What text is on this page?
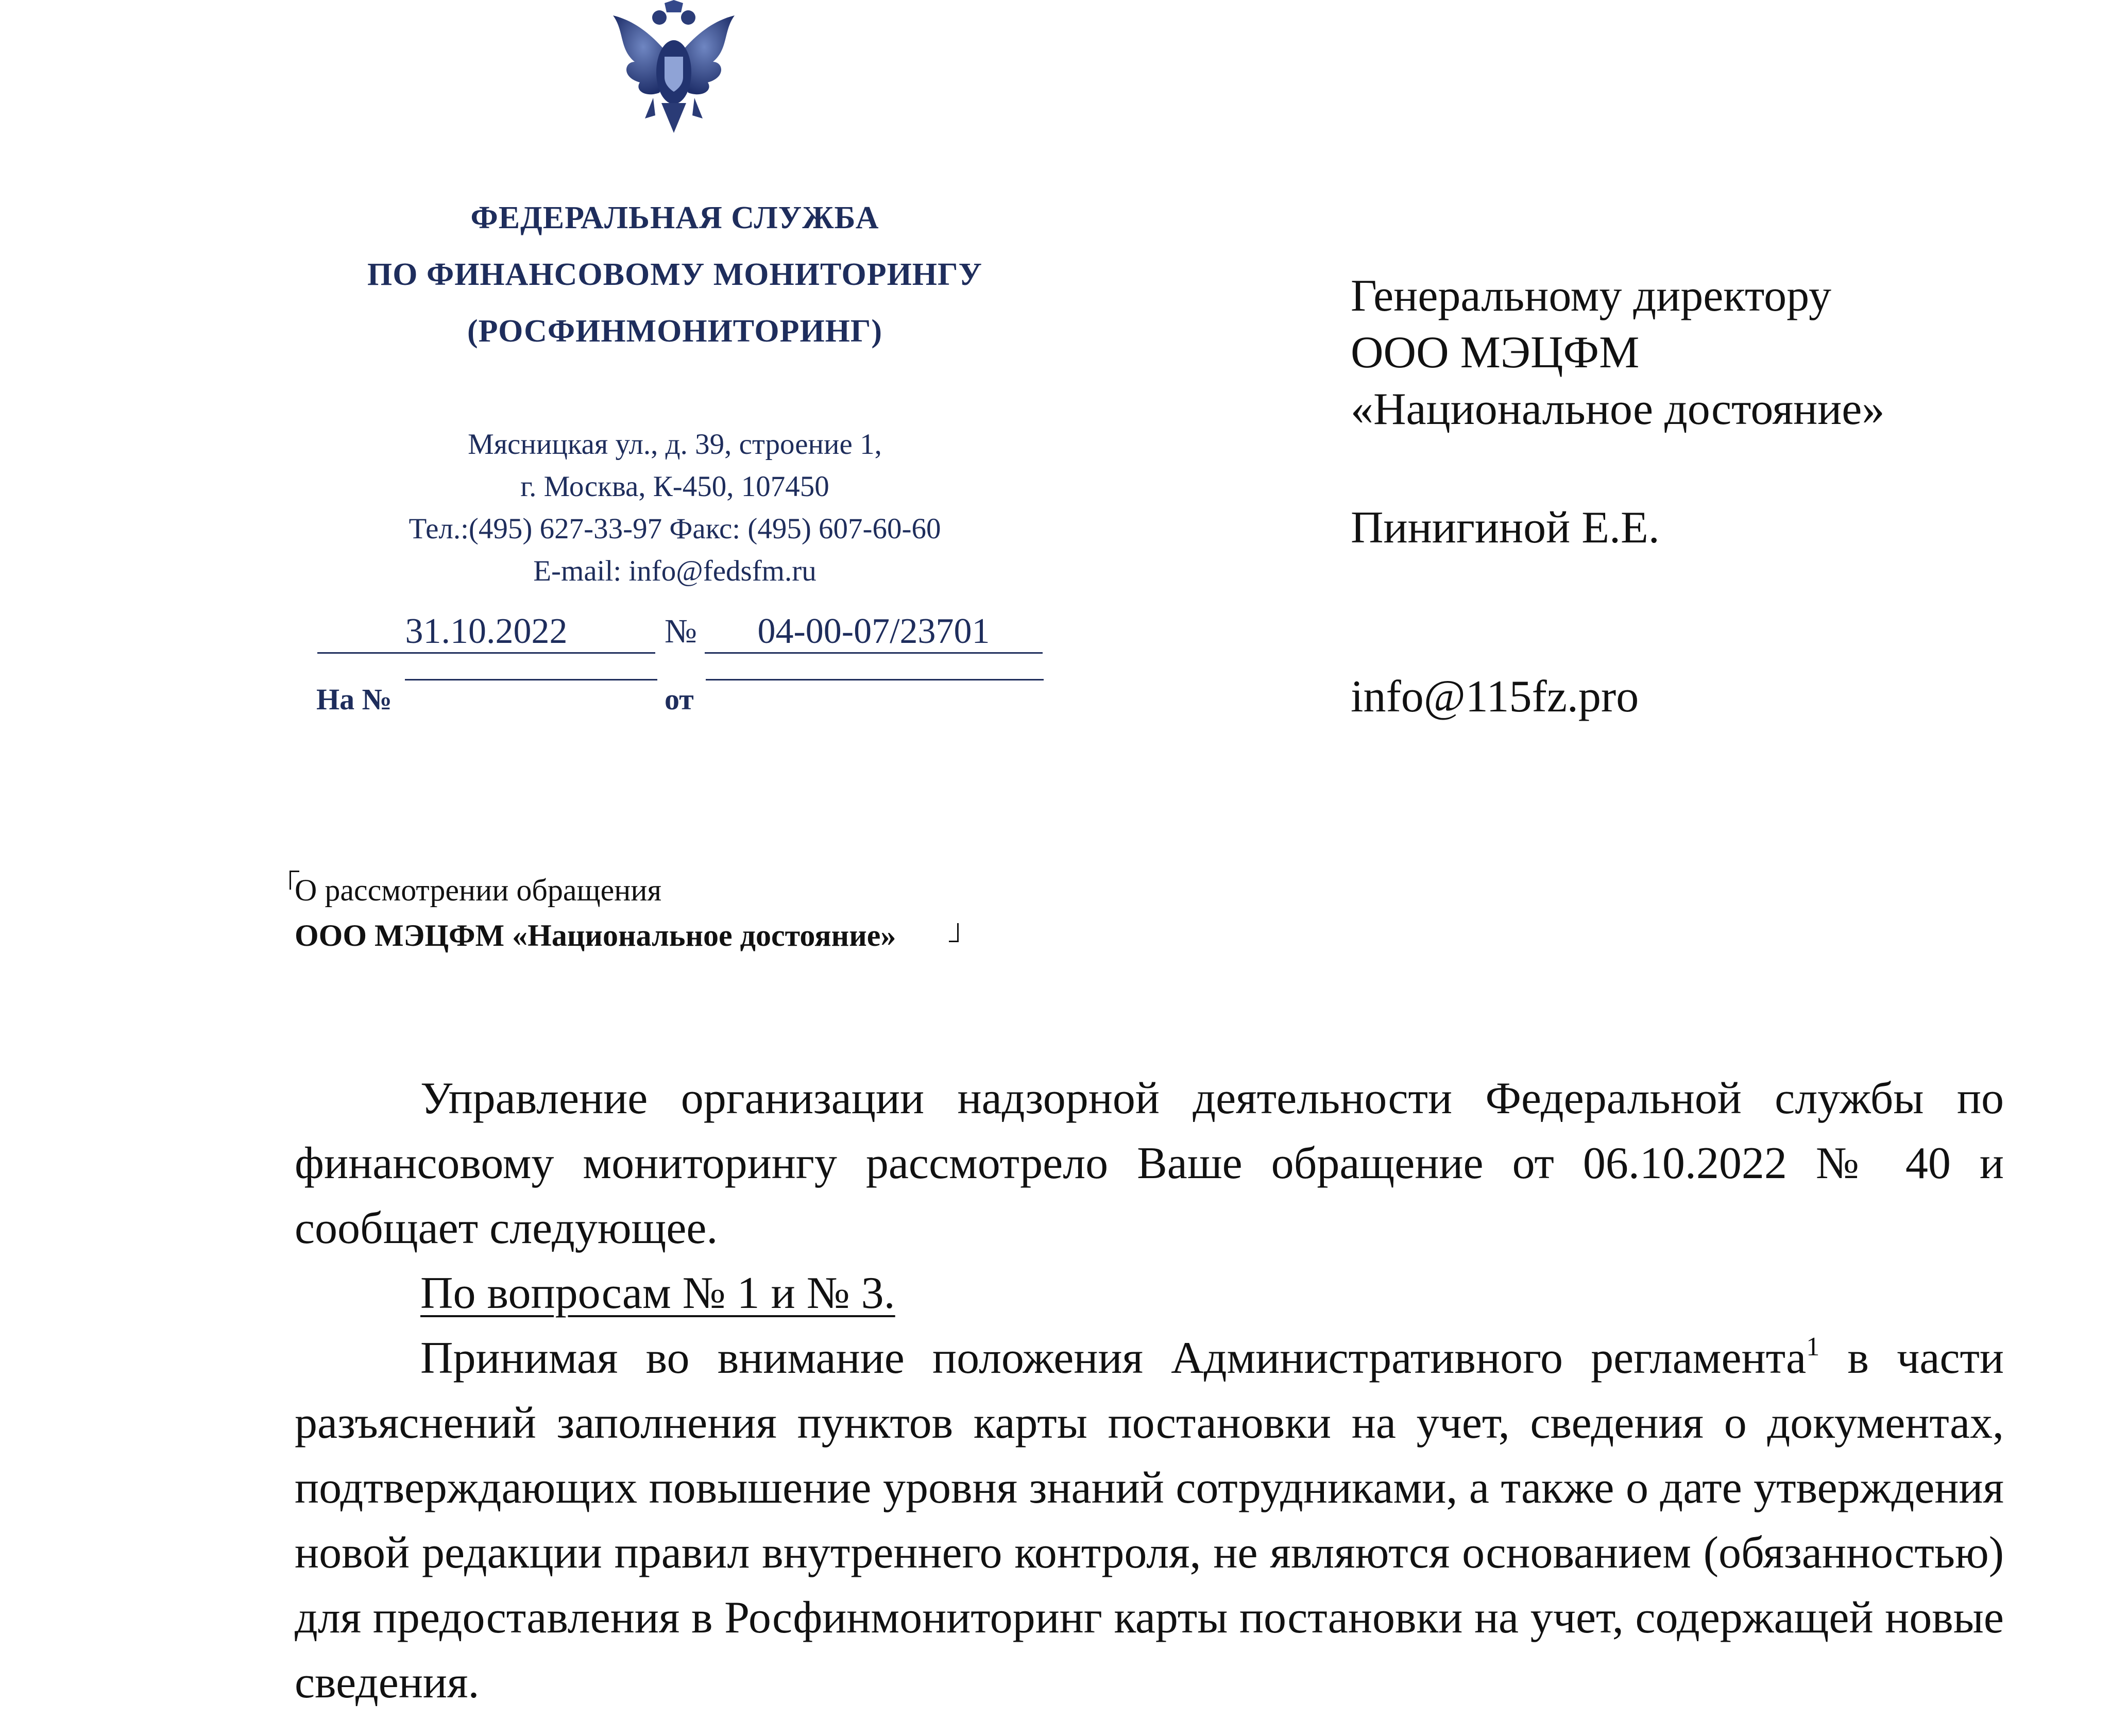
ФЕДЕРАЛЬНАЯ СЛУЖБА
ПО ФИНАНСОВОМУ МОНИТОРИНГУ
(РОСФИНМОНИТОРИНГ)
Мясницкая ул., д. 39, строение 1,
г. Москва, К-450, 107450
Тел.:(495) 627-33-97 Факс: (495) 607-60-60
E-mail: info@fedsfm.ru
31.10.2022	№	04-00-07/23701
На №	от
Генеральному директору
ООО МЭЦФМ
«Национальное достояние»
Пинигиной Е.Е.
info@115fz.pro
О рассмотрении обращения
ООО МЭЦФМ «Национальное достояние»
Управление организации надзорной деятельности Федеральной службы по финансовому мониторингу рассмотрело Ваше обращение от 06.10.2022 № 40 и сообщает следующее.
По вопросам № 1 и № 3.
Принимая во внимание положения Административного регламента$^1$ в части разъяснений заполнения пунктов карты постановки на учет, сведения о документах, подтверждающих повышение уровня знаний сотрудниками, а также о дате утверждения новой редакции правил внутреннего контроля, не являются основанием (обязанностью) для предоставления в Росфинмониторинг карты постановки на учет, содержащей новые сведения.
